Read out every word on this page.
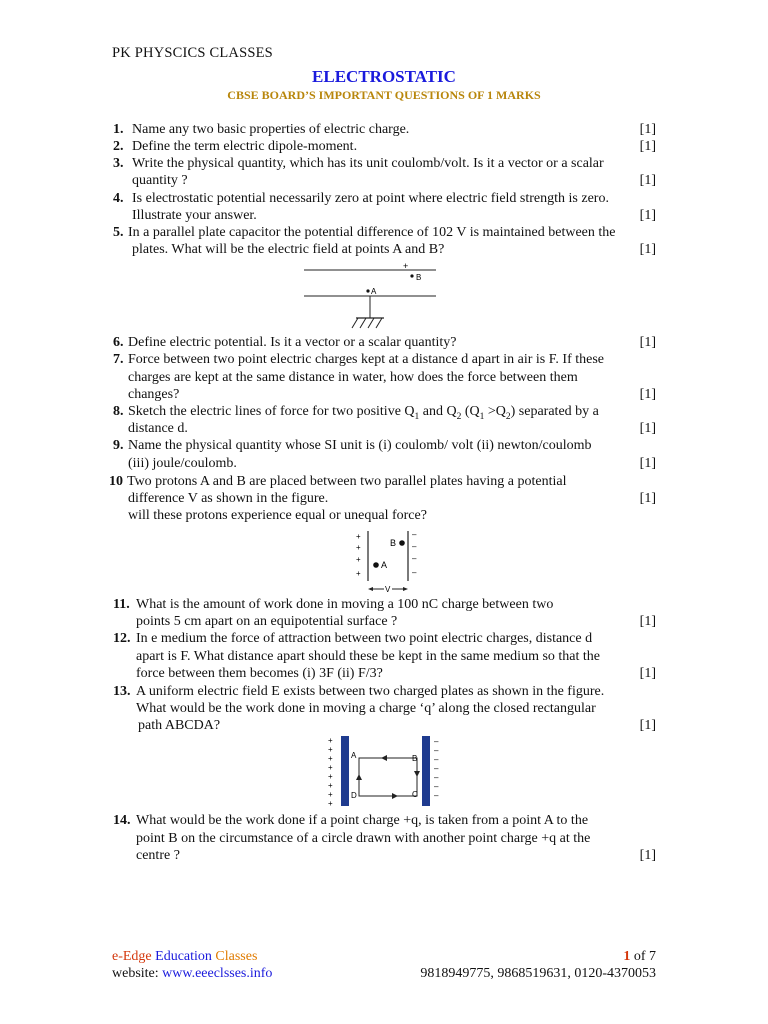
PK PHYSCICS CLASSES
ELECTROSTATIC
CBSE BOARD’S IMPORTANT QUESTIONS OF 1 MARKS
1. Name any two basic properties of electric charge.	[1]
2. Define the term electric dipole-moment.	[1]
3. Write the physical quantity, which has its unit coulomb/volt. Is it a vector or a scalar
quantity ?	[1]
4. Is electrostatic potential necessarily zero at point where electric field strength is zero.
Illustrate your answer.	[1]
5. In a parallel plate capacitor the potential difference of 102 V is maintained between the
plates. What will be the electric field at points A and B?	[1]
+
B
A
6. Define electric potential. Is it a vector or a scalar quantity?	[1]
7. Force between two point electric charges kept at a distance d apart in air is F. If these
charges are kept at the same distance in water, how does the force between them
changes?	[1]
8. Sketch the electric lines of force for two positive $Q_1$ and $Q_2$ $(Q_1 >Q_2)$ separated by a
distance d.	[1]
9. Name the physical quantity whose SI unit is (i) coulomb/ volt (ii) newton/coulomb
(iii) joule/coulomb.	[1]
10 Two protons A and B are placed between two parallel plates having a potential
difference V as shown in the figure.	[1]
will these protons experience equal or unequal force?
+
+
+
+
–
–
–
–
B
A
V
11. What is the amount of work done in moving a 100 nC charge between two
points 5 cm apart on an equipotential surface ?	[1]
12. In e medium the force of attraction between two point electric charges, distance d
apart is F. What distance apart should these be kept in the same medium so that the
force between them becomes (i) 3F (ii) F/3?	[1]
13. A uniform electric field E exists between two charged plates as shown in the figure.
What would be the work done in moving a charge ‘q’ along the closed rectangular
path ABCDA?	[1]
+
+
+
+
+
+
+
+
–
–
–
–
–
–
–
A	B
C
D
14. What would be the work done if a point charge +q, is taken from a point A to the
point B on the circumstance of a circle drawn with another point charge +q at the
centre ?	[1]
e-Edge Education Classes	1 of 7
website: www.eeeclsses.info	9818949775, 9868519631, 0120-4370053
